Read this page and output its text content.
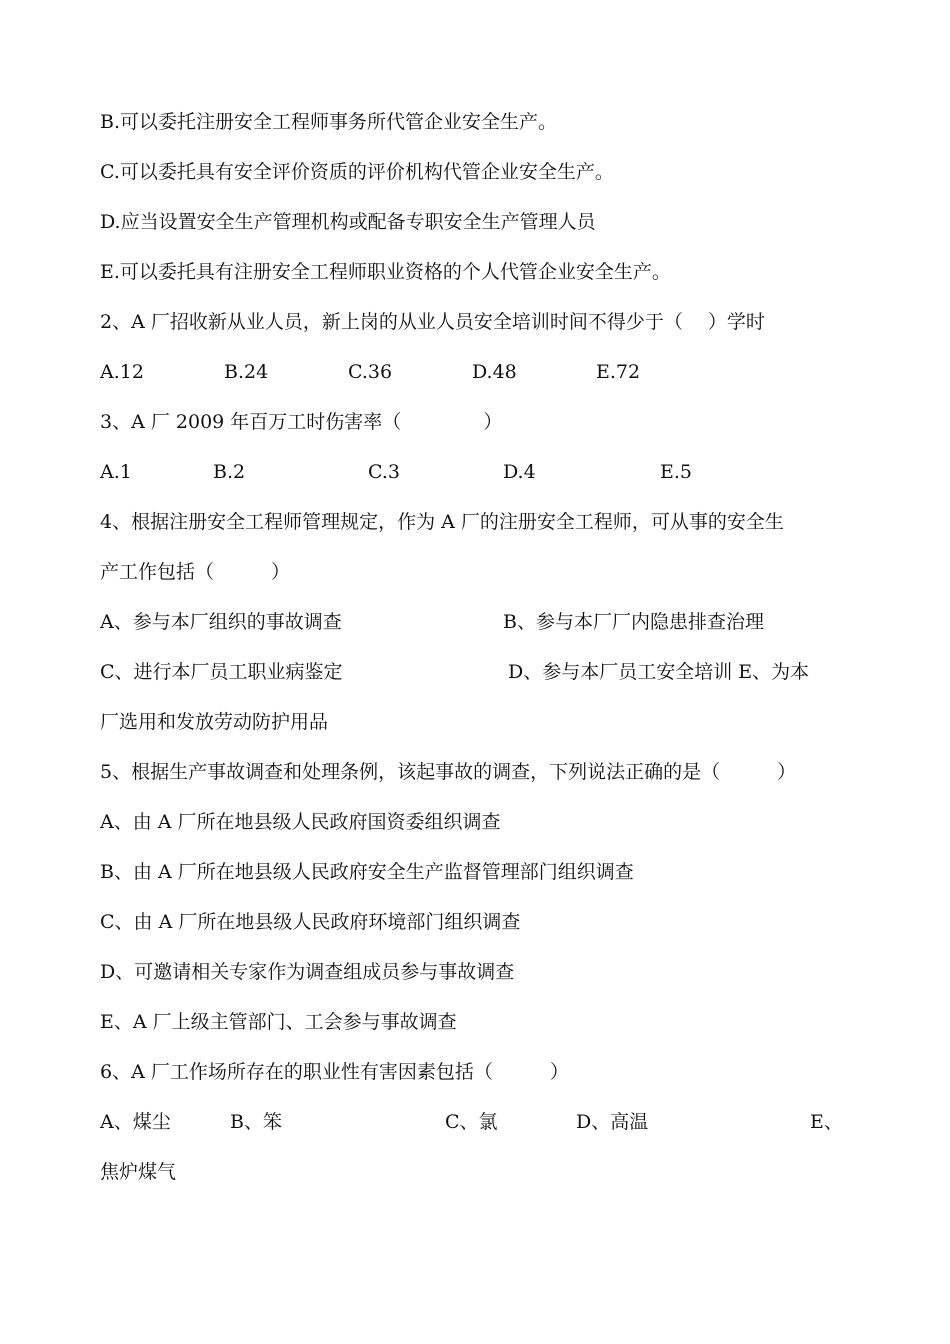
B.可以委托注册安全工程师事务所代管企业安全生产。
C.可以委托具有安全评价资质的评价机构代管企业安全生产。
D.应当设置安全生产管理机构或配备专职安全生产管理人员
E.可以委托具有注册安全工程师职业资格的个人代管企业安全生产。
2、A 厂招收新从业人员，新上岗的从业人员安全培训时间不得少于（　 ）学时
A.12	B.24	C.36	D.48	E.72
3、A 厂 2009 年百万工时伤害率（　　　　 ）
A.1	B.2	C.3	D.4	E.5
4、根据注册安全工程师管理规定，作为 A 厂的注册安全工程师，可从事的安全生
产工作包括（　　　）
A、参与本厂组织的事故调查	B、参与本厂厂内隐患排查治理
C、进行本厂员工职业病鉴定	D、参与本厂员工安全培训 E、为本
厂选用和发放劳动防护用品
5、根据生产事故调查和处理条例，该起事故的调查，下列说法正确的是（　　　）
A、由 A 厂所在地县级人民政府国资委组织调查
B、由 A 厂所在地县级人民政府安全生产监督管理部门组织调查
C、由 A 厂所在地县级人民政府环境部门组织调查
D、可邀请相关专家作为调查组成员参与事故调查
E、A 厂上级主管部门、工会参与事故调查
6、A 厂工作场所存在的职业性有害因素包括（　　　）
A、煤尘	B、笨	C、氯	D、高温	E、
焦炉煤气
